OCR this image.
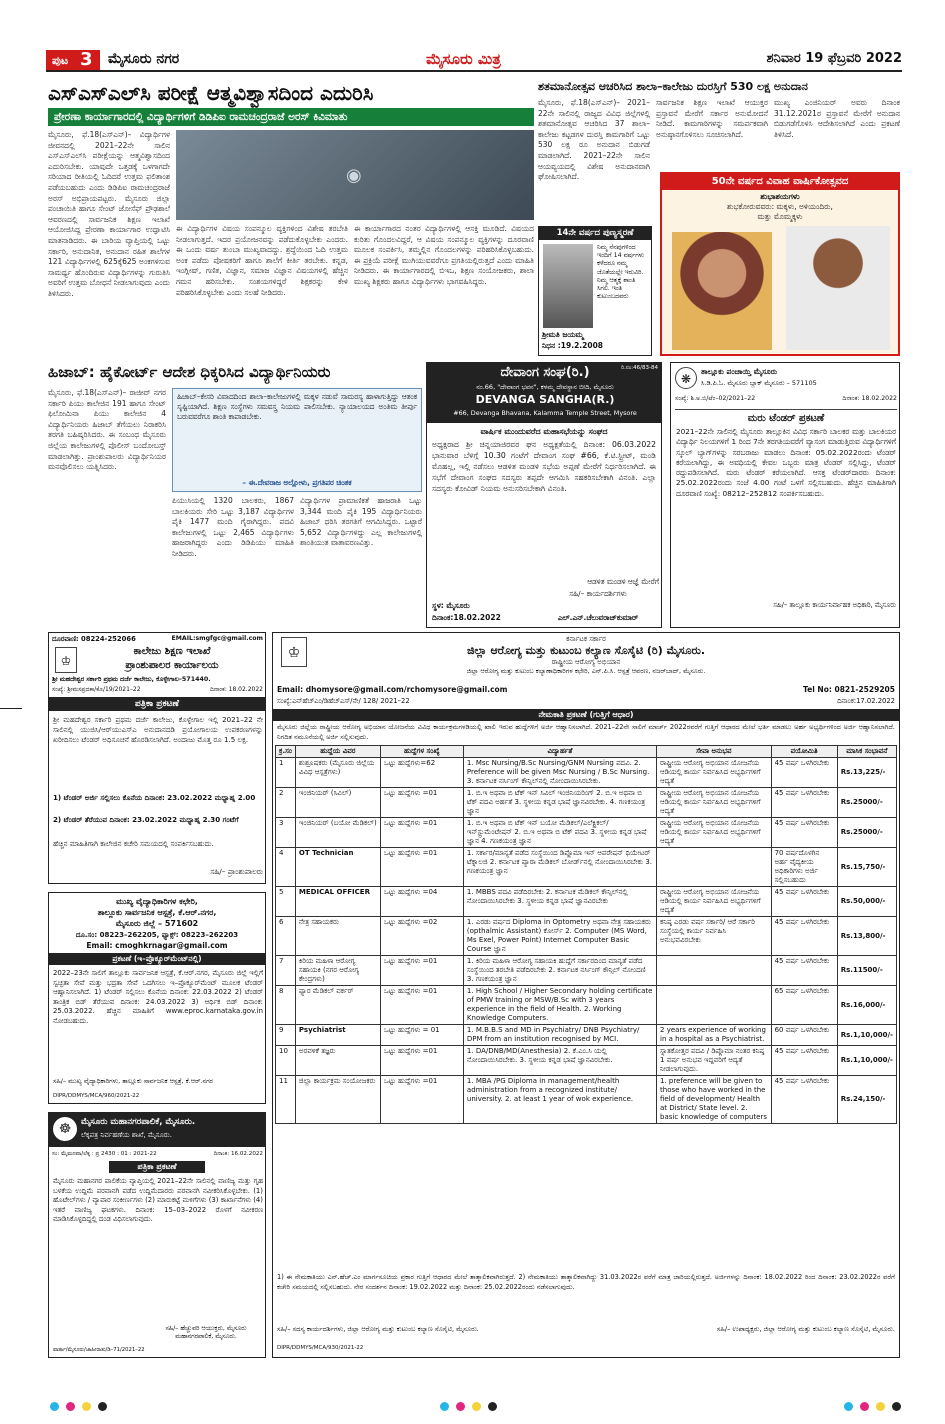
ಪುಟ 3 ಮೈಸೂರು ನಗರ	ಮೈಸೂರು ಮಿತ್ರ	ಶನಿವಾರ 19 ಫೆಬ್ರವರಿ 2022
ಎಸ್‌ಎಸ್‌ಎಲ್‌ಸಿ ಪರೀಕ್ಷೆ ಆತ್ಮವಿಶ್ವಾಸದಿಂದ ಎದುರಿಸಿ
ಪ್ರೇರಣಾ ಕಾರ್ಯಾಗಾರದಲ್ಲಿ ವಿದ್ಯಾರ್ಥಿಗಳಿಗೆ ಡಿಡಿಪಿಐ ರಾಮಚಂದ್ರರಾಜೆ ಅರಸ್ ಕಿವಿಮಾತು
ಮೈಸೂರು, ಫೆ.18(ಎಸ್‌ಎನ್‌)– ವಿದ್ಯಾರ್ಥಿಗಳ ಜೀವನದಲ್ಲಿ 2021–22ನೇ ಸಾಲಿನ ಎಸ್‌ಎಸ್‌ಎಲ್‌ಸಿ ಪರೀಕ್ಷೆಯನ್ನು ಆತ್ಮವಿಶ್ವಾಸದಿಂದ ಎದುರಿಸಬೇಕು. ಯಾವುದೇ ಒತ್ತಡಕ್ಕೆ ಒಳಗಾಗದೇ ಸರಿಯಾದ ರೀತಿಯಲ್ಲಿ ಓದಿದರೆ ಉತ್ತಮ ಫಲಿತಾಂಶ ಪಡೆಯಬಹುದು ಎಂದು ಡಿಡಿಪಿಐ ರಾಮಚಂದ್ರರಾಜೆ ಅರಸ್ ಅಭಿಪ್ರಾಯಪಟ್ಟರು. ಮೈಸೂರು ಜಿಲ್ಲಾ ಪಂಚಾಯಿತಿ ಹಾಗೂ ಸೇಂಟ್ ಜೋಸೆಫ್ ಪ್ರೌಢಶಾಲೆ ಆವರಣದಲ್ಲಿ ಸಾರ್ವಜನಿಕ ಶಿಕ್ಷಣ ಇಲಾಖೆ ಆಯೋಜಿಸಿದ್ದ ಪ್ರೇರಣಾ ಕಾರ್ಯಾಗಾರ ಉದ್ಘಾಟಿಸಿ ಮಾತನಾಡಿದರು. ಈ ಬಾರಿಯ ವ್ಯಾಪ್ತಿಯಲ್ಲಿ ಒಟ್ಟು ಸರ್ಕಾರಿ, ಅನುದಾನಿತ, ಅನುದಾನ ರಹಿತ ಶಾಲೆಗಳ 121 ವಿದ್ಯಾರ್ಥಿಗಳಲ್ಲಿ 625ಕ್ಕೆ625 ಅಂಕಗಳಿಸುವ ಸಾಮರ್ಥ್ಯ ಹೊಂದಿರುವ ವಿದ್ಯಾರ್ಥಿಗಳನ್ನು ಗುರುತಿಸಿ ಅವರಿಗೆ ಉತ್ತಮ ಬೋಧನೆ ನೀಡಲಾಗುವುದು ಎಂದು ತಿಳಿಸಿದರು.
◉
ಈ ವಿದ್ಯಾರ್ಥಿಗಳ ವಿಷಯ ಸಂಪನ್ಮೂಲ ವ್ಯಕ್ತಿಗಳಿಂದ ವಿಶೇಷ ತರಬೇತಿ ನೀಡಲಾಗುತ್ತದೆ. ಇದರ ಪ್ರಯೋಜನವನ್ನು ಪಡೆದುಕೊಳ್ಳಬೇಕು ಎಂದರು. ಈ ಒಂದು ವರ್ಷ ತುಂಬಾ ಮುಖ್ಯವಾದದ್ದು. ಶ್ರದ್ಧೆಯಿಂದ ಓದಿ ಉತ್ತಮ ಅಂಕ ಪಡೆದು ಪೋಷಕರಿಗೆ ಹಾಗೂ ಶಾಲೆಗೆ ಕೀರ್ತಿ ತರಬೇಕು. ಕನ್ನಡ, ಇಂಗ್ಲೀಷ್, ಗಣಿತ, ವಿಜ್ಞಾನ, ಸಮಾಜ ವಿಜ್ಞಾನ ವಿಷಯಗಳಲ್ಲಿ ಹೆಚ್ಚಿನ ಗಮನ ಹರಿಸಬೇಕು. ಸಂಶಯಗಳಿದ್ದರೆ ಶಿಕ್ಷಕರನ್ನು ಕೇಳಿ ಪರಿಹರಿಸಿಕೊಳ್ಳಬೇಕು ಎಂದು ಸಲಹೆ ನೀಡಿದರು.
ಈ ಕಾರ್ಯಾಗಾರದ ನಂತರ ವಿದ್ಯಾರ್ಥಿಗಳಲ್ಲಿ ಆಸಕ್ತಿ ಮೂಡಿದೆ. ವಿಷಯದ ಕುರಿತು ಗೊಂದಲವಿದ್ದರೆ, ಆ ವಿಷಯ ಸಂಪನ್ಮೂಲ ವ್ಯಕ್ತಿಗಳನ್ನು ದೂರವಾಣಿ ಮೂಲಕ ಸಂಪರ್ಕಿಸಿ, ತಮ್ಮಲ್ಲಿನ ಗೊಂದಲಗಳನ್ನು ಪರಿಹರಿಸಿಕೊಳ್ಳಬಹುದು. ಈ ಪ್ರಕ್ರಿಯೆ ಪರೀಕ್ಷೆ ಮುಗಿಯುವವರೆಗೂ ಪ್ರಗತಿಯಲ್ಲಿರುತ್ತದೆ ಎಂದು ಮಾಹಿತಿ ನೀಡಿದರು. ಈ ಕಾರ್ಯಾಗಾರದಲ್ಲಿ ಬಿಇಒ, ಶಿಕ್ಷಣ ಸಂಯೋಜಕರು, ಶಾಲಾ ಮುಖ್ಯ ಶಿಕ್ಷಕರು ಹಾಗೂ ವಿದ್ಯಾರ್ಥಿಗಳು ಭಾಗವಹಿಸಿದ್ದರು.
ಶತಮಾನೋತ್ಸವ ಆಚರಿಸಿದ ಶಾಲಾ–ಕಾಲೇಜು ದುರಸ್ತಿಗೆ 530 ಲಕ್ಷ ಅನುದಾನ
ಮೈಸೂರು, ಫೆ.18(ಎಸ್‌ಎನ್‌)– 2021–22ನೇ ಸಾಲಿನಲ್ಲಿ ರಾಜ್ಯದ ವಿವಿಧ ಜಿಲ್ಲೆಗಳಲ್ಲಿ ಶತಮಾನೋತ್ಸವ ಆಚರಿಸಿದ 37 ಶಾಲಾ–ಕಾಲೇಜು ಕಟ್ಟಡಗಳ ದುರಸ್ತಿ ಕಾಮಗಾರಿಗೆ ಒಟ್ಟು 530 ಲಕ್ಷ ರೂ ಅನುದಾನ ಬಿಡುಗಡೆ ಮಾಡಲಾಗಿದೆ. 2021–22ನೇ ಸಾಲಿನ ಆಯವ್ಯಯದಲ್ಲಿ ವಿಶೇಷ ಅನುದಾನವಾಗಿ ಘೋಷಿಸಲಾಗಿದೆ.
ಸಾರ್ವಜನಿಕ ಶಿಕ್ಷಣ ಇಲಾಖೆ ಆಯುಕ್ತರ ಪ್ರಸ್ತಾವನೆ ಮೇರೆಗೆ ಸರ್ಕಾರ ಅನುಮೋದನೆ ನೀಡಿದೆ. ಕಾಮಗಾರಿಗಳನ್ನು ಸಮರ್ಪಕವಾಗಿ ಅನುಷ್ಠಾನಗೊಳಿಸಲು ಸೂಚಿಸಲಾಗಿದೆ.
ಮುಖ್ಯ ಎಂಜಿನಿಯರ್ ಅವರು ದಿನಾಂಕ 31.12.2021ರ ಪ್ರಸ್ತಾವನೆ ಮೇರೆಗೆ ಅನುದಾನ ಬಿಡುಗಡೆಗೊಳಿಸಿ ಆದೇಶಿಸಲಾಗಿದೆ ಎಂದು ಪ್ರಕಟಣೆ ತಿಳಿಸಿದೆ.
14ನೇ ವರ್ಷದ ಪುಣ್ಯಸ್ಮರಣೆ
ನಿಮ್ಮ ನೆನಪುಗಳಿಂದ ಇಂದಿಗೆ 14 ವರ್ಷಗಳು ಕಳೆದರೂ ನಮ್ಮ ಜೊತೆಯಲ್ಲೇ ಇರುವಿರಿ. ನಿಮ್ಮ ಆತ್ಮಕ್ಕೆ ಶಾಂತಿ ಸಿಗಲಿ. ಇಂತಿ ಕುಟುಂಬದವರು
ಶ್ರೀಮತಿ ಜಯಮ್ಮ
ನಿಧನ :19.2.2008
50ನೇ ವರ್ಷದ ವಿವಾಹ ವಾರ್ಷಿಕೋತ್ಸವದ
ಶುಭಾಶಯಗಳು
ಶುಭಕೋರುವವರು: ಮಕ್ಕಳು, ಅಳಿಯಂದಿರು,
ಮತ್ತು ಮೊಮ್ಮಕ್ಕಳು
ಹಿಜಾಬ್: ಹೈಕೋರ್ಟ್ ಆದೇಶ ಧಿಕ್ಕರಿಸಿದ ವಿದ್ಯಾರ್ಥಿನಿಯರು
ಮೈಸೂರು, ಫೆ.18(ಎಸ್‌ಎನ್‌)– ರಾಜೀವ್ ನಗರ ಸರ್ಕಾರಿ ಪಿಯು ಕಾಲೇಜಿನ 191 ಹಾಗೂ ಸೇಂಟ್ ಫಿಲೋಮಿನಾ ಪಿಯು ಕಾಲೇಜಿನ 4 ವಿದ್ಯಾರ್ಥಿನಿಯರು ಹಿಜಾಬ್ ತೆಗೆಯಲು ನಿರಾಕರಿಸಿ ತರಗತಿ ಬಹಿಷ್ಕರಿಸಿದರು. ಈ ಸಂಬಂಧ ಮೈಸೂರು ಜಿಲ್ಲೆಯ ಕಾಲೇಜುಗಳಲ್ಲಿ ಪೊಲೀಸ್ ಬಂದೋಬಸ್ತ್ ಮಾಡಲಾಗಿತ್ತು. ಪ್ರಾಂಶುಪಾಲರು ವಿದ್ಯಾರ್ಥಿನಿಯರ ಮನವೊಲಿಸಲು ಯತ್ನಿಸಿದರು.
ಹಿಜಾಬ್–ಕೇಸರಿ ವಿವಾದದಿಂದ ಶಾಲಾ–ಕಾಲೇಜುಗಳಲ್ಲಿ ಮಕ್ಕಳ ನಡುವೆ ಸಾಮರಸ್ಯ ಹಾಳಾಗುತ್ತಿದ್ದು ಆತಂಕ ಸೃಷ್ಟಿಯಾಗಿದೆ. ಶಿಕ್ಷಣ ಸಂಸ್ಥೆಗಳು ಸಮವಸ್ತ್ರ ನಿಯಮ ಪಾಲಿಸಬೇಕು. ನ್ಯಾಯಾಲಯದ ಅಂತಿಮ ತೀರ್ಪು ಬರುವವರೆಗೂ ಶಾಂತಿ ಕಾಪಾಡಬೇಕು.
– ಈ.ದೇವರಾಜ ಅಲ್ಲೋಳು, ಪ್ರಗತಿಪರ ಚಿಂತಕ
ಪಿಯುಸಿಯಲ್ಲಿ 1320 ಬಾಲಕರು, 1867 ಬಾಲಕಿಯರು ಸೇರಿ ಒಟ್ಟು 3,187 ವಿದ್ಯಾರ್ಥಿಗಳ ಪೈಕಿ 1477 ಮಂದಿ ಗೈರಾಗಿದ್ದರು. ಪದವಿ ಕಾಲೇಜುಗಳಲ್ಲಿ ಒಟ್ಟು 2,465 ವಿದ್ಯಾರ್ಥಿಗಳು ಹಾಜರಾಗಿದ್ದರು ಎಂದು ಡಿಡಿಪಿಯು ಮಾಹಿತಿ ನೀಡಿದರು.
ವಿದ್ಯಾರ್ಥಿಗಳ ಪ್ರಾಮಾಣಿಕತೆ ಹಾಜರಾತಿ ಒಟ್ಟು 3,344 ಮಂದಿ ಪೈಕಿ 195 ವಿದ್ಯಾರ್ಥಿನಿಯರು ಹಿಜಾಬ್ ಧರಿಸಿ ತರಗತಿಗೆ ಆಗಮಿಸಿದ್ದರು. ಒಟ್ಟಾರೆ 5,652 ವಿದ್ಯಾರ್ಥಿಗಳಿದ್ದು ಎಲ್ಲ ಕಾಲೇಜುಗಳಲ್ಲಿ ಶಾಂತಿಯುತ ವಾತಾವರಣವಿತ್ತು.
ದೇವಾಂಗ ಸಂಘ(ರಿ.)	ರಿ.ನಂ:46/83-84
ನಂ.66, "ದೇವಾಂಗ ಭವನ", ಕಳಮ್ಮ ದೇವಸ್ಥಾನ ಬೀದಿ, ಮೈಸೂರು
DEVANGA SANGHA(R.)
#66, Devanga Bhavana, Kalamma Temple Street, Mysore
ವಾರ್ಷಿಕ ಮುಂದುವರೆದ ಮಹಾಸಭೆಯನ್ನು ಸಂಘದ
ಅಧ್ಯಕ್ಷರಾದ ಶ್ರೀ ಚಿನ್ನಯಾಜಿರವರ ಘನ ಅಧ್ಯಕ್ಷತೆಯಲ್ಲಿ ದಿನಾಂಕ: 06.03.2022 ಭಾನುವಾರ ಬೆಳಿಗ್ಗೆ 10.30 ಗಂಟೆಗೆ ದೇವಾಂಗ ಸಂಘ #66, ಕೆ.ಟಿ.ಸ್ಟ್ರೀಟ್, ಮಂಡಿ ಮೊಹಲ್ಲ, ಇಲ್ಲಿ ನಡೆಸಲು ಆಡಳಿತ ಮಂಡಳಿ ಸಭೆಯ ಅಪ್ಪಣೆ ಮೇರೆಗೆ ನಿರ್ಧರಿಸಲಾಗಿದೆ. ಈ ಸಭೆಗೆ ದೇವಾಂಗ ಸಂಘದ ಸದಸ್ಯರು ತಪ್ಪದೇ ಆಗಮಿಸಿ ಸಹಕರಿಸಬೇಕಾಗಿ ವಿನಂತಿ. ಎಲ್ಲಾ ಸದಸ್ಯರು ಕೋವಿಡ್ ನಿಯಮ ಅನುಸರಿಸಬೇಕಾಗಿ ವಿನಂತಿ.
ಆಡಳಿತ ಮಂಡಳಿ ಆಜ್ಞೆ ಮೇರೆಗೆ
ಸಹಿ/– ಕಾರ್ಯದರ್ಶಿಗಳು
ಸ್ಥಳ: ಮೈಸೂರು
ದಿನಾಂಕ:18.02.2022	ಎಲ್.ಎನ್.ಚೆಲುವರಾಜ್‌ಕುಮಾರ್
❋
ತಾಲ್ಲೂಕು ಪಂಚಾಯ್ತಿ ಮೈಸೂರು
ಸಿ.ಡಿ.ಪಿ.ಓ. ಮೈಸೂರು ಬ್ಲಾಕ್ ಮೈಸೂರು – 571105
ಸಂಖ್ಯೆ: ಶಿ.ಅ.ಬಿ/ಟೆಂ–02/2021–22	ದಿನಾಂಕ: 18.02.2022
ಮರು ಟೆಂಡರ್ ಪ್ರಕಟಣೆ
2021–22ನೇ ಸಾಲಿನಲ್ಲಿ ಮೈಸೂರು ತಾಲ್ಲೂಕಿನ ವಿವಿಧ ಸರ್ಕಾರಿ ಬಾಲಕರ ಮತ್ತು ಬಾಲಕಿಯರ ವಿದ್ಯಾರ್ಥಿ ನಿಲಯಗಳಿಗೆ 1 ರಿಂದ 7ನೇ ತರಗತಿಯವರೆಗೆ ವ್ಯಾಸಂಗ ಮಾಡುತ್ತಿರುವ ವಿದ್ಯಾರ್ಥಿಗಳಿಗೆ ಸ್ಕೂಲ್ ಬ್ಯಾಗ್‌ಗಳನ್ನು ಸರಬರಾಜು ಮಾಡಲು ದಿನಾಂಕ: 05.02.2022ರಂದು ಟೆಂಡರ್ ಕರೆಯಲಾಗಿದ್ದು, ಈ ಅವಧಿಯಲ್ಲಿ ಕೇವಲ ಒಬ್ಬರು ಮಾತ್ರ ಟೆಂಡರ್ ಸಲ್ಲಿಸಿದ್ದು, ಟೆಂಡರ್ ರದ್ದುಪಡಿಸಲಾಗಿದೆ. ಮರು ಟೆಂಡರ್ ಕರೆಯಲಾಗಿದೆ. ಆಸಕ್ತ ಟೆಂಡರ್‌ದಾರರು ದಿನಾಂಕ: 25.02.2022ರಂದು ಸಂಜೆ 4.00 ಗಂಟೆ ಒಳಗೆ ಸಲ್ಲಿಸಬಹುದು. ಹೆಚ್ಚಿನ ಮಾಹಿತಿಗಾಗಿ ದೂರವಾಣಿ ಸಂಖ್ಯೆ: 08212–252812 ಸಂಪರ್ಕಿಸಬಹುದು.
ಸಹಿ/– ತಾಲ್ಲೂಕು ಕಾರ್ಯನಿರ್ವಾಹಕ ಅಧಿಕಾರಿ, ಮೈಸೂರು
ದೂರವಾಣಿ: 08224-252066	EMAIL:smgfgc@gmail.com
♔
ಕಾಲೇಜು ಶಿಕ್ಷಣ ಇಲಾಖೆ
ಪ್ರಾಂಶುಪಾಲರ ಕಾರ್ಯಾಲಯ
ಶ್ರೀ ಮಹದೇಶ್ವರ ಸರ್ಕಾರಿ ಪ್ರಥಮ ದರ್ಜೆ ಕಾಲೇಜು, ಕೊಳ್ಳೇಗಾಲ–571440.
ಸಂಖ್ಯೆ: ಶ್ರೀಮಸಪ್ರದಕಾ/ಕೊ/19/2021–22	ದಿನಾಂಕ: 18.02.2022
ಪತ್ರಿಕಾ ಪ್ರಕಟಣೆ
ಶ್ರೀ ಮಹದೇಶ್ವರ ಸರ್ಕಾರಿ ಪ್ರಥಮ ದರ್ಜೆ ಕಾಲೇಜು, ಕೊಳ್ಳೇಗಾಲ ಇಲ್ಲಿ 2021–22 ನೇ ಸಾಲಿನಲ್ಲಿ ಯುಜಿಸಿ/ಆರ್‌ಯುಎಸ್‌ಎ ಅನುದಾನದಡಿ ಪ್ರಯೋಗಾಲಯ ಉಪಕರಣಗಳನ್ನು ಖರೀದಿಸಲು ಟೆಂಡರ್ ಅಧಿಸೂಚನೆ ಹೊರಡಿಸಲಾಗಿದೆ. ಅಂದಾಜು ಮೊತ್ತ ರೂ 1.5 ಲಕ್ಷ.
1) ಟೆಂಡರ್ ಅರ್ಜಿ ಸಲ್ಲಿಸಲು ಕೊನೆಯ ದಿನಾಂಕ: 23.02.2022 ಮಧ್ಯಾಹ್ನ 2.00
2) ಟೆಂಡರ್ ತೆರೆಯುವ ದಿನಾಂಕ: 23.02.2022 ಮಧ್ಯಾಹ್ನ 2.30 ಗಂಟೆಗೆ
ಹೆಚ್ಚಿನ ಮಾಹಿತಿಗಾಗಿ ಕಾಲೇಜಿನ ಕಚೇರಿ ಸಮಯದಲ್ಲಿ ಸಂಪರ್ಕಿಸಬಹುದು.
ಸಹಿ/– ಪ್ರಾಂಶುಪಾಲರು
ಮುಖ್ಯ ವೈದ್ಯಾಧಿಕಾರಿಗಳ ಕಛೇರಿ,
ತಾಲ್ಲೂಕು ಸಾರ್ವಜನಿಕ ಆಸ್ಪತ್ರೆ, ಕೆ.ಆರ್.ನಗರ,
ಮೈಸೂರು ಜಿಲ್ಲೆ – 571602
ದೂ.ಸಂ: 08223–262205, ಫ್ಯಾಕ್ಸ್: 08223–262203
Email: cmoghkrnagar@gmail.com
ಪ್ರಕಟಣೆ (ಇ–ಪ್ರೊಕ್ಯೂರ್‌ಮೆಂಟ್‌ನಲ್ಲಿ)
2022–23ನೇ ಸಾಲಿಗೆ ತಾಲ್ಲೂಕು ಸಾರ್ವಜನಿಕ ಆಸ್ಪತ್ರೆ, ಕೆ.ಆರ್.ನಗರ, ಮೈಸೂರು ಜಿಲ್ಲೆ ಇಲ್ಲಿಗೆ ಸ್ವಚ್ಛತಾ ಸೇವೆ ಮತ್ತು ಭದ್ರತಾ ಸೇವೆ ಒದಗಿಸಲು ಇ–ಪ್ರೊಕ್ಯೂರ್‌ಮೆಂಟ್ ಮೂಲಕ ಟೆಂಡರ್ ಆಹ್ವಾನಿಸಲಾಗಿದೆ. 1) ಟೆಂಡರ್ ಸಲ್ಲಿಸಲು ಕೊನೆಯ ದಿನಾಂಕ: 22.03.2022 2) ಟೆಂಡರ್ ತಾಂತ್ರಿಕ ಬಿಡ್ ತೆರೆಯುವ ದಿನಾಂಕ: 24.03.2022 3) ಆರ್ಥಿಕ ಬಿಡ್ ದಿನಾಂಕ: 25.03.2022. ಹೆಚ್ಚಿನ ಮಾಹಿತಿಗೆ www.eproc.karnataka.gov.in ನೋಡಬಹುದು.
ಸಹಿ/– ಮುಖ್ಯ ವೈದ್ಯಾಧಿಕಾರಿಗಳು, ತಾಲ್ಲೂಕು ಸಾರ್ವಜನಿಕ ಆಸ್ಪತ್ರೆ, ಕೆ.ಆರ್.ನಗರ
DIPR/DDMYS/MCA/960/2021-22
☸	ಮೈಸೂರು ಮಹಾನಗರಪಾಲಿಕೆ, ಮೈಸೂರು.
ಲೆಕ್ಕಪತ್ರ ನಿರ್ವಹಣೆಯ ಶಾಖೆ, ಮೈಸೂರು.
ಸಂ: ಮೈಮನಪಾ/ಲೆಕ್ಕ : ಪ್ರ 2430 : 01 : 2021-22	ದಿನಾಂಕ: 16.02.2022
ಪತ್ರಿಕಾ ಪ್ರಕಟಣೆ
ಮೈಸೂರು ಮಹಾನಗರ ಪಾಲಿಕೆಯ ವ್ಯಾಪ್ತಿಯಲ್ಲಿ 2021–22ನೇ ಸಾಲಿನಲ್ಲಿ ವಾಣಿಜ್ಯ ಮತ್ತು ಗೃಹ ಬಳಕೆಯ ಉದ್ದಿಮೆ ಪರವಾನಗಿ ಪಡೆದ ಉದ್ದಿಮೆದಾರರು ಪರವಾನಗಿ ನವೀಕರಿಸಿಕೊಳ್ಳಬೇಕು. (1) ಹೊಟೇಲ್‌ಗಳು / ವ್ಯಾಪಾರ ಸಂಕೀರ್ಣಗಳು (2) ಮಾರುಕಟ್ಟೆ ಮಳಿಗೆಗಳು (3) ಕಾರ್ಖಾನೆಗಳು (4) ಇತರೆ ವಾಣಿಜ್ಯ ಘಟಕಗಳು. ದಿನಾಂಕ: 15–03–2022 ರೊಳಗೆ ನವೀಕರಣ ಮಾಡಿಸಿಕೊಳ್ಳದಿದ್ದಲ್ಲಿ ದಂಡ ವಿಧಿಸಲಾಗುವುದು.
ಸಹಿ/– ಹೆಚ್ಚುವರಿ ಆಯುಕ್ತರು, ಮೈಸೂರು ಮಹಾನಗರಪಾಲಿಕೆ, ಮೈಸೂರು.
ವಾರ್ತಾ/ಮೈಸೂರು/ಜಾಹೀರಾತು/ಡಿ–71/2021–22
ಕರ್ನಾಟಕ ಸರ್ಕಾರ
♔	ಜಿಲ್ಲಾ ಆರೋಗ್ಯ ಮತ್ತು ಕುಟುಂಬ ಕಲ್ಯಾಣ ಸೊಸೈಟಿ (ರಿ) ಮೈಸೂರು.
ರಾಷ್ಟ್ರೀಯ ಆರೋಗ್ಯ ಅಭಿಯಾನ
ಜಿಲ್ಲಾ ಆರೋಗ್ಯ ಮತ್ತು ಕುಟುಂಬ ಕಲ್ಯಾಣಾಧಿಕಾರಿಗಳ ಕಛೇರಿ, ಎನ್.ಪಿ.ಸಿ. ಆಸ್ಪತ್ರೆ ಆವರಣ, ನಜರ್‌ಬಾದ್, ಮೈಸೂರು.
Email: dhomysore@gmail.com/rchomysore@gmail.com	Tel No: 0821-2529205
ಸಂಖ್ಯೆ:ಎನ್‌ಹೆಚ್‌ಎಂ/ಡಿಹೆಚ್‌ಎಸ್/ನೇ/ 128/ 2021–22	ದಿನಾಂಕ:17.02.2022
ನೇಮಕಾತಿ ಪ್ರಕಟಣೆ (ಗುತ್ತಿಗೆ ಆಧಾರ)
ಮೈಸೂರು ಜಿಲ್ಲೆಯ ರಾಷ್ಟ್ರೀಯ ಆರೋಗ್ಯ ಅಭಿಯಾನ ಯೋಜನೆಯ ವಿವಿಧ ಕಾರ್ಯಕ್ರಮಗಳಡಿಯಲ್ಲಿ ಖಾಲಿ ಇರುವ ಹುದ್ದೆಗಳಿಗೆ ಅರ್ಜಿ ಆಹ್ವಾನಿಸಲಾಗಿದೆ. 2021–22ನೇ ಸಾಲಿಗೆ ಮಾರ್ಚ್ 2022ರವರೆಗೆ ಗುತ್ತಿಗೆ ಆಧಾರದ ಮೇಲೆ ಭರ್ತಿ ಮಾಡಲು ಅರ್ಹ ಅಭ್ಯರ್ಥಿಗಳಿಂದ ಅರ್ಜಿ ಆಹ್ವಾನಿಸಲಾಗಿದೆ. ನಿಗದಿತ ನಮೂನೆಯಲ್ಲಿ ಅರ್ಜಿ ಸಲ್ಲಿಸುವುದು.
ಕ್ರ.ಸಂ	ಹುದ್ದೆಯ ವಿವರ	ಹುದ್ದೆಗಳ ಸಂಖ್ಯೆ	ವಿದ್ಯಾರ್ಹತೆ	ಸೇವಾ ಅನುಭವ	ವಯೋಮಿತಿ	ಮಾಸಿಕ ಸಂಭಾವನೆ
1	ಶುಶ್ರೂಷಕರು (ಮೈಸೂರು ಜಿಲ್ಲೆಯ ವಿವಿಧ ಆಸ್ಪತ್ರೆಗಳು)	ಒಟ್ಟು ಹುದ್ದೆಗಳು=62	1. Msc Nursing/B.Sc Nursing/GNM Nursing ಪದವಿ. 2. Preference will be given Msc Nursing / B.Sc Nursing. 3. ಕರ್ನಾಟಕ ನರ್ಸಿಂಗ್ ಕೌನ್ಸಿಲ್‌ನಲ್ಲಿ ನೋಂದಾಯಿಸಿರಬೇಕು.	ರಾಷ್ಟ್ರೀಯ ಆರೋಗ್ಯ ಅಭಿಯಾನ ಯೋಜನೆಯ ಆಡಿಯಲ್ಲಿ ಕಾರ್ಯ ನಿರ್ವಹಿಸಿದ ಅಭ್ಯರ್ಥಿಗಳಿಗೆ ಆದ್ಯತೆ	45 ವರ್ಷ ಒಳಗಿರಬೇಕು	Rs.13,225/-
2	ಇಂಜಿನಿಯರ್ (ಸಿವಿಲ್)	ಒಟ್ಟು ಹುದ್ದೆಗಳು =01	1. ಬಿ.ಇ ಅಥವಾ ಬಿ ಟೆಕ್ ಇನ್ ಸಿವಿಲ್ ಇಂಜಿನಿಯರಿಂಗ್ 2. ಬಿ.ಇ ಅಥವಾ ಬಿ ಟೆಕ್ ಪದವಿ ಅರ್ಹತೆ 3. ಸ್ಥಳೀಯ ಕನ್ನಡ ಭಾಷೆ ಜ್ಞಾನವಿರಬೇಕು. 4. ಗಣಕಯಂತ್ರ ಜ್ಞಾನ	ರಾಷ್ಟ್ರೀಯ ಆರೋಗ್ಯ ಅಭಿಯಾನ ಯೋಜನೆಯ ಆಡಿಯಲ್ಲಿ ಕಾರ್ಯ ನಿರ್ವಹಿಸಿದ ಅಭ್ಯರ್ಥಿಗಳಿಗೆ ಆದ್ಯತೆ	45 ವರ್ಷ ಒಳಗಿರಬೇಕು	Rs.25000/-
3	ಇಂಜಿನಿಯರ್ (ಬಯೋ ಮೆಡಿಕಲ್)	ಒಟ್ಟು ಹುದ್ದೆಗಳು =01	1. ಬಿ.ಇ ಅಥವಾ ಬಿ ಟೆಕ್ ಇನ್ ಬಯೋ ಮೆಡಿಕಲ್/ಎಲೆಕ್ಟ್ರಿಕಲ್/ಇನ್‌ಸ್ಟ್ರುಮೆಂಟೇಷನ್ 2. ಬಿ.ಇ ಅಥವಾ ಬಿ ಟೆಕ್ ಪದವಿ 3. ಸ್ಥಳೀಯ ಕನ್ನಡ ಭಾಷೆ ಜ್ಞಾನ 4. ಗಣಕಯಂತ್ರ ಜ್ಞಾನ	ರಾಷ್ಟ್ರೀಯ ಆರೋಗ್ಯ ಅಭಿಯಾನ ಯೋಜನೆಯ ಆಡಿಯಲ್ಲಿ ಕಾರ್ಯ ನಿರ್ವಹಿಸಿದ ಅಭ್ಯರ್ಥಿಗಳಿಗೆ ಆದ್ಯತೆ	45 ವರ್ಷ ಒಳಗಿರಬೇಕು	Rs.25000/-
4	OT Technician	ಒಟ್ಟು ಹುದ್ದೆಗಳು =01	1. ಸರ್ಕಾರ/ಮಾನ್ಯತೆ ಪಡೆದ ಸಂಸ್ಥೆಯಿಂದ ಡಿಪ್ಲೊಮಾ ಇನ್ ಆಪರೇಷನ್ ಥಿಯೇಟರ್ ಟೆಕ್ನಾಲಜಿ 2. ಕರ್ನಾಟಕ ಪ್ಯಾರಾ ಮೆಡಿಕಲ್ ಬೋರ್ಡ್‌ನಲ್ಲಿ ನೋಂದಾಯಿಸಿರಬೇಕು 3. ಗಣಕಯಂತ್ರ ಜ್ಞಾನ		70 ವರ್ಷದೊಳಗಿನ ಅರ್ಹ ವೈದ್ಯಕೀಯ ಅಧಿಕಾರಿಗಳು ಅರ್ಜಿ ಸಲ್ಲಿಸಬಹುದು	Rs.15,750/-
5	MEDICAL OFFICER	ಒಟ್ಟು ಹುದ್ದೆಗಳು =04	1. MBBS ಪದವಿ ಪಡೆದಿರಬೇಕು 2. ಕರ್ನಾಟಕ ಮೆಡಿಕಲ್ ಕೌನ್ಸಿಲ್‌ನಲ್ಲಿ ನೋಂದಾಯಿಸಿರಬೇಕು 3. ಸ್ಥಳೀಯ ಕನ್ನಡ ಭಾಷೆ ಜ್ಞಾನವಿರಬೇಕು	ರಾಷ್ಟ್ರೀಯ ಆರೋಗ್ಯ ಅಭಿಯಾನ ಯೋಜನೆಯ ಆಡಿಯಲ್ಲಿ ಕಾರ್ಯ ನಿರ್ವಹಿಸಿದ ಅಭ್ಯರ್ಥಿಗಳಿಗೆ ಆದ್ಯತೆ	45 ವರ್ಷ ಒಳಗಿರಬೇಕು	Rs.50,000/-
6	ನೇತ್ರ ಸಹಾಯಕರು	ಒಟ್ಟು ಹುದ್ದೆಗಳು =02	1. ಎರಡು ವರ್ಷದ Diploma in Optometry ಅಥವಾ ನೇತ್ರ ಸಹಾಯಕರು (opthalmic Assistant) ಕೋರ್ಸ್ 2. Computer (MS Word, Ms Exel, Power Point) Internet Computer Basic Course ಜ್ಞಾನ	ಕನಿಷ್ಠ ಎರಡು ವರ್ಷ ಸರ್ಕಾರಿ/ ಆರೆ ಸರ್ಕಾರಿ ಸಂಸ್ಥೆಯಲ್ಲಿ ಕಾರ್ಯ ನಿರ್ವಹಿಸಿ ಅನುಭವವಿರಬೇಕು	45 ವರ್ಷ ಒಳಗಿರಬೇಕು	Rs.13,800/-
7	ಕಿರಿಯ ಮಹಿಳಾ ಆರೋಗ್ಯ ಸಹಾಯಕಿ (ನಗರ ಆರೋಗ್ಯ ಕೇಂದ್ರಗಳು)	ಒಟ್ಟು ಹುದ್ದೆಗಳು =01	1. ಕಿರಿಯ ಮಹಿಳಾ ಆರೋಗ್ಯ ಸಹಾಯಕಿ ಹುದ್ದೆಗೆ ಸರ್ಕಾರದಿಂದ ಮಾನ್ಯತೆ ಪಡೆದ ಸಂಸ್ಥೆಯಿಂದ ತರಬೇತಿ ಪಡೆದಿರಬೇಕು 2. ಕರ್ನಾಟಕ ನರ್ಸಿಂಗ್ ಕೌನ್ಸಿಲ್ ನೋಂದಣಿ 3. ಗಣಕಯಂತ್ರ ಜ್ಞಾನ		45 ವರ್ಷ ಒಳಗಿರಬೇಕು	Rs.11500/-
8	ಫ್ಯಾರ ಮೆಡಿಕಲ್ ವರ್ಕರ್	ಒಟ್ಟು ಹುದ್ದೆಗಳು =01	1. High School / Higher Secondary holding certificate of PMW training or MSW/B.Sc with 3 years experience in the field of Health. 2. Working Knowledge Computers.		65 ವರ್ಷ ಒಳಗಿರಬೇಕು	Rs.16,000/-
9	Psychiatrist	ಒಟ್ಟು ಹುದ್ದೆಗಳು = 01	1. M.B.B.S and MD in Psychiatry/ DNB Psychiatry/ DPM from an institution recognised by MCI.	2 years experience of working in a hospital as a Psychiatrist.	60 ವರ್ಷ ಒಳಗಿರಬೇಕು	Rs.1,10,000/-
10	ಅರವಳಿಕೆ ತಜ್ಞರು	ಒಟ್ಟು ಹುದ್ದೆಗಳು =01	1. DA/DNB/MD(Anesthesia) 2. ಕೆ.ಎಂ.ಸಿ ಯಲ್ಲಿ ನೋಂದಾಯಿಸಿರಬೇಕು. 3. ಸ್ಥಳೀಯ ಕನ್ನಡ ಭಾಷೆ ಜ್ಞಾನವಿರಬೇಕು.	ಸ್ನಾತಕೋತ್ತರ ಪದವಿ / ಡಿಪ್ಲೊಮಾ ನಂತರ ಕನಿಷ್ಠ 1 ವರ್ಷ ಅನುಭವ ಇದ್ದವರಿಗೆ ಆದ್ಯತೆ ನೀಡಲಾಗುವುದು.	45 ವರ್ಷ ಒಳಗಿರಬೇಕು	Rs.1,10,000/-
11	ಜಿಲ್ಲಾ ಕಾರ್ಯಕ್ರಮ ಸಂಯೋಜಕರು	ಒಟ್ಟು ಹುದ್ದೆಗಳು =01	1. MBA /PG Diploma in management/health administration from a recognized institute/ university. 2. at least 1 year of wok experience.	1. preference will be given to those who have worked in the field of development/ Health at District/ State level. 2. basic knowledge of computers	45 ವರ್ಷ ಒಳಗಿರಬೇಕು	Rs.24,150/-
1) ಈ ನೇಮಕಾತಿಯು ಎನ್.ಹೆಚ್.ಎಂ ಮಾರ್ಗಸೂಚಿಯ ಪ್ರಕಾರ ಗುತ್ತಿಗೆ ಆಧಾರದ ಮೇಲೆ ತಾತ್ಕಾಲಿಕವಾಗಿರುತ್ತದೆ. 2) ನೇಮಕಾತಿಯು ತಾತ್ಕಾಲಿಕವಾಗಿದ್ದು 31.03.2022ರ ವರೆಗೆ ಮಾತ್ರ ಜಾರಿಯಲ್ಲಿರುತ್ತದೆ. ಅರ್ಜಿಗಳನ್ನು ದಿನಾಂಕ: 18.02.2022 ರಿಂದ ದಿನಾಂಕ: 23.02.2022ರ ವರೆಗೆ ಕಚೇರಿ ಸಮಯದಲ್ಲಿ ಸಲ್ಲಿಸಬಹುದು. ನೇರ ಸಂದರ್ಶನ ದಿನಾಂಕ: 19.02.2022 ಮತ್ತು ದಿನಾಂಕ: 25.02.2022ರಂದು ನಡೆಸಲಾಗುವುದು.
ಸಹಿ/– ಸದಸ್ಯ ಕಾರ್ಯದರ್ಶಿಗಳು, ಜಿಲ್ಲಾ ಆರೋಗ್ಯ ಮತ್ತು ಕುಟುಂಬ ಕಲ್ಯಾಣ ಸೊಸೈಟಿ, ಮೈಸೂರು.	ಸಹಿ/– ಉಪಾಧ್ಯಕ್ಷರು, ಜಿಲ್ಲಾ ಆರೋಗ್ಯ ಮತ್ತು ಕುಟುಂಬ ಕಲ್ಯಾಣ ಸೊಸೈಟಿ, ಮೈಸೂರು.
DIPR/DDMYS/MCA/930/2021-22
